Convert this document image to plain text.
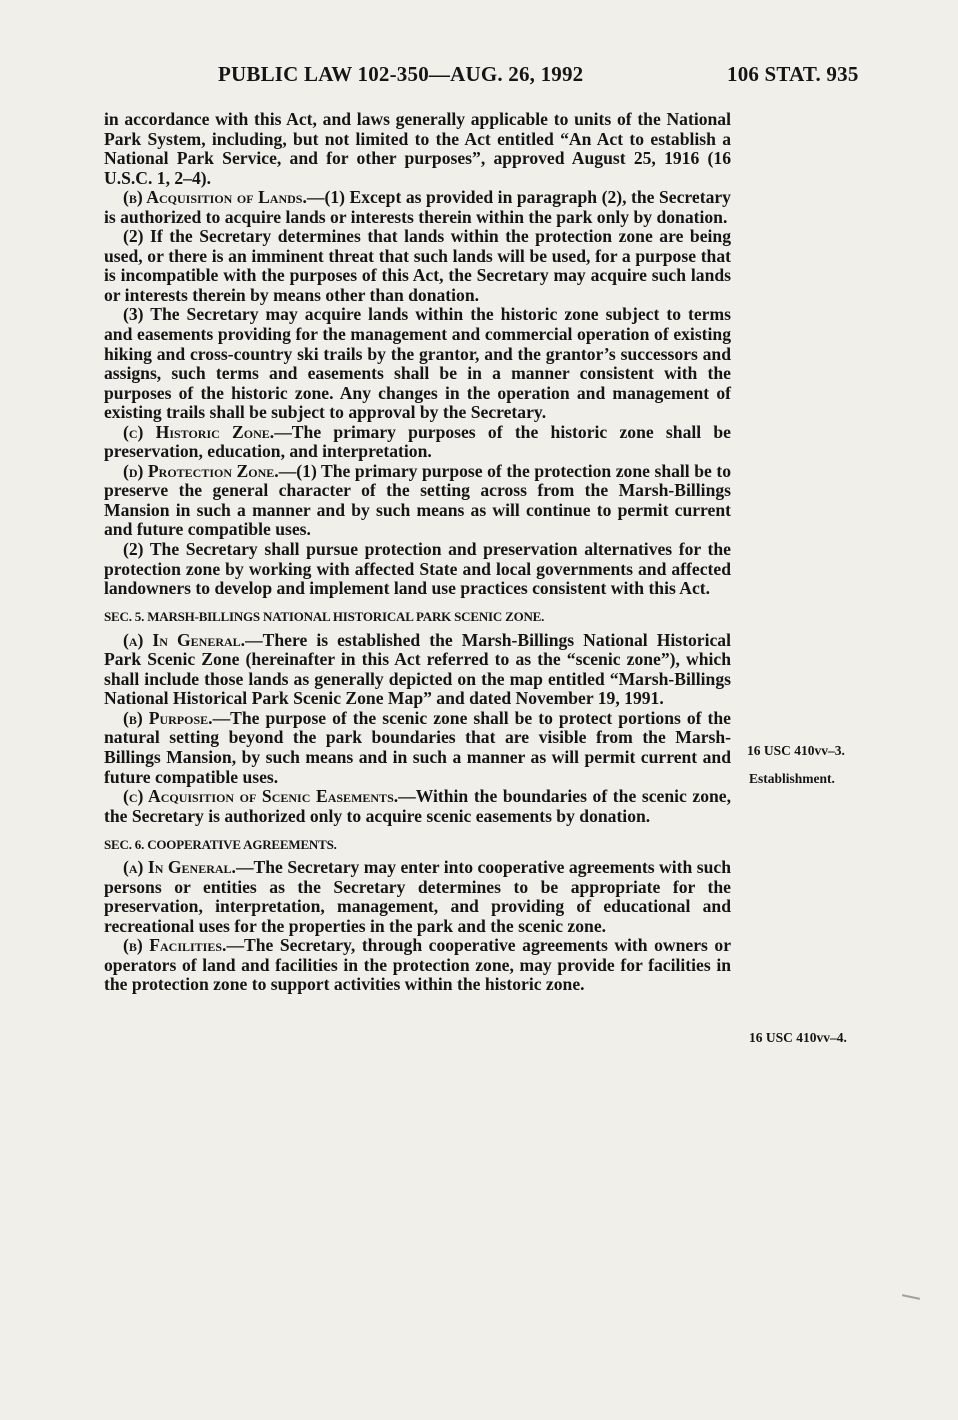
PUBLIC LAW 102-350—AUG. 26, 1992	106 STAT. 935

in accordance with this Act, and laws generally applicable to units of the National Park System, including, but not limited to the Act entitled “An Act to establish a National Park Service, and for other purposes”, approved August 25, 1916 (16 U.S.C. 1, 2–4).

(b) Acquisition of Lands.—(1) Except as provided in paragraph (2), the Secretary is authorized to acquire lands or interests therein within the park only by donation.

(2) If the Secretary determines that lands within the protection zone are being used, or there is an imminent threat that such lands will be used, for a purpose that is incompatible with the purposes of this Act, the Secretary may acquire such lands or interests therein by means other than donation.

(3) The Secretary may acquire lands within the historic zone subject to terms and easements providing for the management and commercial operation of existing hiking and cross-country ski trails by the grantor, and the grantor’s successors and assigns, such terms and easements shall be in a manner consistent with the purposes of the historic zone. Any changes in the operation and management of existing trails shall be subject to approval by the Secretary.

(c) Historic Zone.—The primary purposes of the historic zone shall be preservation, education, and interpretation.

(d) Protection Zone.—(1) The primary purpose of the protection zone shall be to preserve the general character of the setting across from the Marsh-Billings Mansion in such a manner and by such means as will continue to permit current and future compatible uses.

(2) The Secretary shall pursue protection and preservation alternatives for the protection zone by working with affected State and local governments and affected landowners to develop and implement land use practices consistent with this Act.

SEC. 5. MARSH-BILLINGS NATIONAL HISTORICAL PARK SCENIC ZONE.

(a) In General.—There is established the Marsh-Billings National Historical Park Scenic Zone (hereinafter in this Act referred to as the “scenic zone”), which shall include those lands as generally depicted on the map entitled “Marsh-Billings National Historical Park Scenic Zone Map” and dated November 19, 1991.

(b) Purpose.—The purpose of the scenic zone shall be to protect portions of the natural setting beyond the park boundaries that are visible from the Marsh-Billings Mansion, by such means and in such a manner as will permit current and future compatible uses.

(c) Acquisition of Scenic Easements.—Within the boundaries of the scenic zone, the Secretary is authorized only to acquire scenic easements by donation.

SEC. 6. COOPERATIVE AGREEMENTS.

(a) In General.—The Secretary may enter into cooperative agreements with such persons or entities as the Secretary determines to be appropriate for the preservation, interpretation, management, and providing of educational and recreational uses for the properties in the park and the scenic zone.

(b) Facilities.—The Secretary, through cooperative agreements with owners or operators of land and facilities in the protection zone, may provide for facilities in the protection zone to support activities within the historic zone.

16 USC 410vv–3.
Establishment.
16 USC 410vv–4.
